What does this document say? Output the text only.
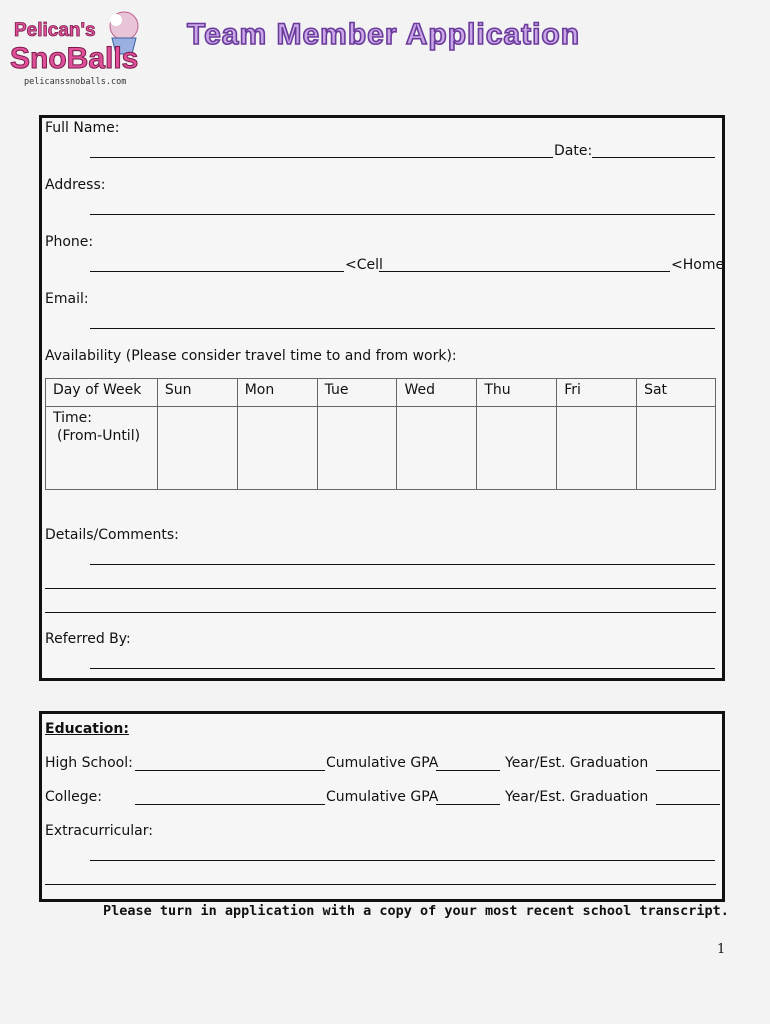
Pelican's
SnoBalls
pelicanssnoballs.com
Team Member Application
Full Name:
Date:
Address:
Phone:
<Cell	<Home
Email:
Availability (Please consider travel time to and from work):
Day of Week	Sun	Mon	Tue	Wed	Thu	Fri	Sat

Time:
(From-Until)							

Details/Comments:
Referred By:
Education:
High School:	Cumulative GPA	Year/Est. Graduation
College:	Cumulative GPA	Year/Est. Graduation
Extracurricular:
Please turn in application with a copy of your most recent school transcript.
1
